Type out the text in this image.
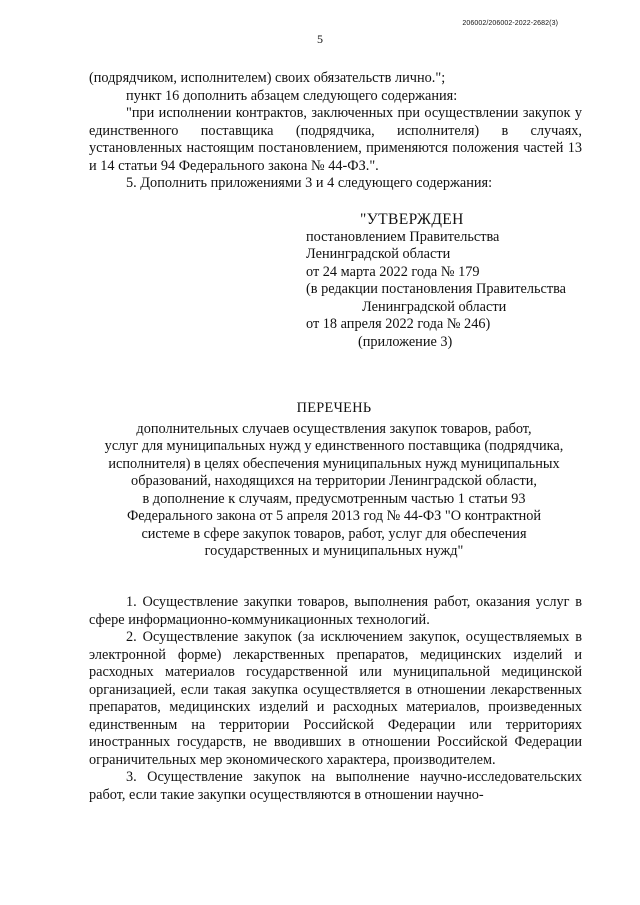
206002/206002-2022-2682(3)
5

(подрядчиком, исполнителем) своих обязательств лично.";

пункт 16 дополнить абзацем следующего содержания:

"при исполнении контрактов, заключенных при осуществлении закупок у единственного поставщика (подрядчика, исполнителя) в случаях, установленных настоящим постановлением, применяются положения частей 13 и 14 статьи 94 Федерального закона № 44-ФЗ.".

5. Дополнить приложениями 3 и 4 следующего содержания:

"УТВЕРЖДЕН
постановлением Правительства
Ленинградской области
от 24 марта 2022 года № 179
(в редакции постановления Правительства
Ленинградской области
от 18 апреля 2022 года № 246)
(приложение 3)
ПЕРЕЧЕНЬ
дополнительных случаев осуществления закупок товаров, работ,
услуг для муниципальных нужд у единственного поставщика (подрядчика,
исполнителя) в целях обеспечения муниципальных нужд муниципальных
образований, находящихся на территории Ленинградской области,
в дополнение к случаям, предусмотренным частью 1 статьи 93
Федерального закона от 5 апреля 2013 год № 44-ФЗ "О контрактной
системе в сфере закупок товаров, работ, услуг для обеспечения
государственных и муниципальных нужд"

1. Осуществление закупки товаров, выполнения работ, оказания услуг в сфере информационно-коммуникационных технологий.

2. Осуществление закупок (за исключением закупок, осуществляемых в электронной форме) лекарственных препаратов, медицинских изделий и расходных материалов государственной или муниципальной медицинской организацией, если такая закупка осуществляется в отношении лекарственных препаратов, медицинских изделий и расходных материалов, произведенных единственным на территории Российской Федерации или территориях иностранных государств, не вводивших в отношении Российской Федерации ограничительных мер экономического характера, производителем.

3. Осуществление закупок на выполнение научно-исследовательских работ, если такие закупки осуществляются в отношении научно-
